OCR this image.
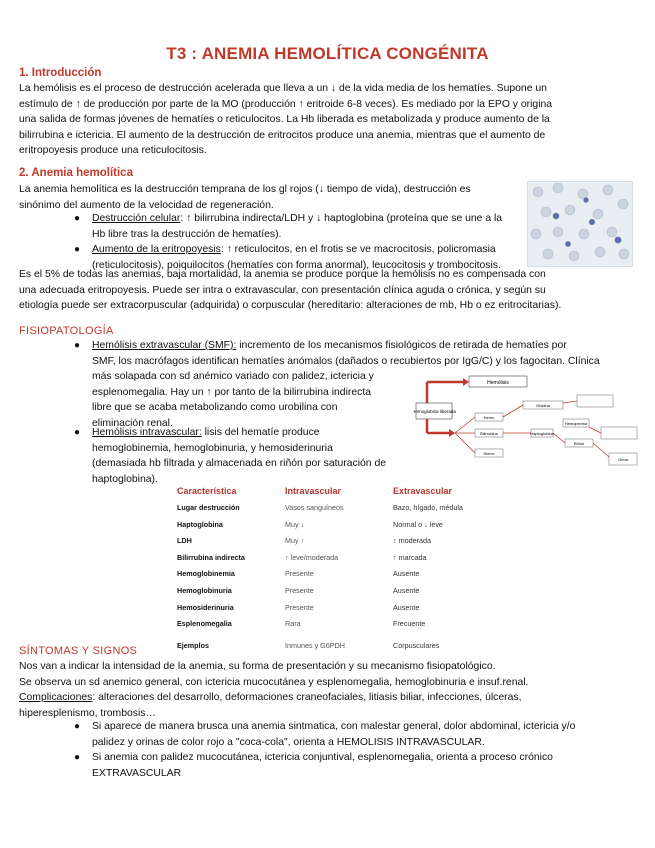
T3 : ANEMIA HEMOLÍTICA CONGÉNITA
1. Introducción
La hemólisis es el proceso de destrucción acelerada que lleva a un ↓ de la vida media de los hematíes. Supone un
estímulo de ↑ de producción por parte de la MO (producción ↑ eritroide 6-8 veces). Es mediado por la EPO y origina
una salida de formas jóvenes de hematíes o reticulocitos. La Hb liberada es metabolizada y produce aumento de la
bilirrubina e ictericia. El aumento de la destrucción de eritrocitos produce una anemia, mientras que el aumento de
eritropoyesis produce una reticulocitosis.
2. Anemia hemolítica
La anemia hemolítica es la destrucción temprana de los gl rojos (↓ tiempo de vida), destrucción es
sinónimo del aumento de la velocidad de regeneración.
● Destrucción celular: ↑ bilirrubina indirecta/LDH y ↓ haptoglobina (proteína que se une a la
Hb libre tras la destrucción de hematíes).
● Aumento de la eritropoyesis: ↑ reticulocitos, en el frotis se ve macrocitosis, policromasia
(reticulocitosis), poiquilocitos (hematíes con forma anormal), leucocitosis y trombocitosis.
Es el 5% de todas las anemias, baja mortalidad, la anemia se produce porque la hemólisis no es compensada con
una adecuada eritropoyesis. Puede ser intra o extravascular, con presentación clínica aguda o crónica, y según su
etiología puede ser extracorpuscular (adquirida) o corpuscular (hereditario: alteraciones de mb, Hb o ez eritrocitarias).
FISIOPATOLOGÍA
● Hemólisis extravascular (SMF): incremento de los mecanismos fisiológicos de retirada de hematíes por
SMF, los macrófagos identifican hematíes anómalos (dañados o recubiertos por IgG/C) y los fagocitan. Clínica
más solapada con sd anémico variado con palidez, ictericia y
esplenomegalia. Hay un ↑ por tanto de la bilirrubina indirecta
libre que se acaba metabolizando como urobilina con
eliminación renal.
● Hemólisis intravascular: lisis del hematíe produce
hemoglobinemia, hemoglobinuria, y hemosiderinuria
(demasiada hb filtrada y almacenada en riñón por saturación de
haptoglobina).
Hemólisis
Hemoglobina liberada
Hemo
Bilirrubina
Hierro
Globina
Haptoglobina
Hemopexina
Riñón
Orina
Característica	Intravascular	Extravascular
Lugar destrucción	Vasos sanguíneos	Bazo, hígado, médula
Haptoglobina	Muy ↓	Normal o ↓ leve
LDH	Muy ↑	↑ moderada
Bilirrubina indirecta	↑ leve/moderada	↑ marcada
Hemoglobinemia	Presente	Ausente
Hemoglobinuria	Presente	Ausente
Hemosiderinuria	Presente	Ausente
Esplenomegalia	Rara	Frecuente
Ejemplos	Inmunes y G6PDH	Corpusculares
SÍNTOMAS Y SIGNOS
Nos van a indicar la intensidad de la anemia, su forma de presentación y su mecanismo fisiopatológico.
Se observa un sd anemico general, con ictericia mucocutánea y esplenomegalia, hemoglobinuria e insuf.renal.
Complicaciones: alteraciones del desarrollo, deformaciones craneofaciales, litiasis biliar, infecciones, úlceras,
hiperesplenismo, trombosis…
● Si aparece de manera brusca una anemia sintmatica, con malestar general, dolor abdominal, ictericia y/o
palidez y orinas de color rojo a "coca-cola", orienta a HEMOLISIS INTRAVASCULAR.
● Si anemia con palidez mucocutánea, ictericia conjuntival, esplenomegalia, orienta a proceso crónico
EXTRAVASCULAR
